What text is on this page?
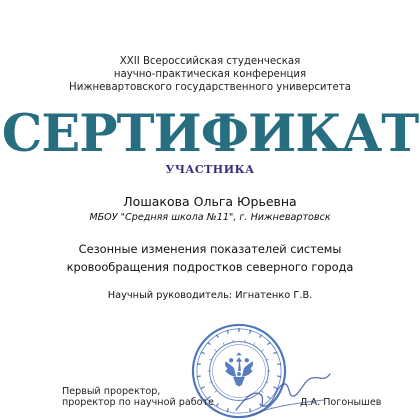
XXII Всероссийская студенческая
научно-практическая конференция
Нижневартовского государственного университета
СЕРТИФИКАТ
УЧАСТНИКА
Лошакова Ольга Юрьевна
МБОУ "Средняя школа №11", г. Нижневартовск
Сезонные изменения показателей системы
кровообращения подростков северного города
Научный руководитель: Игнатенко Г.В.
Первый проректор,
проректор по научной работе	Д.А. Погонышев
